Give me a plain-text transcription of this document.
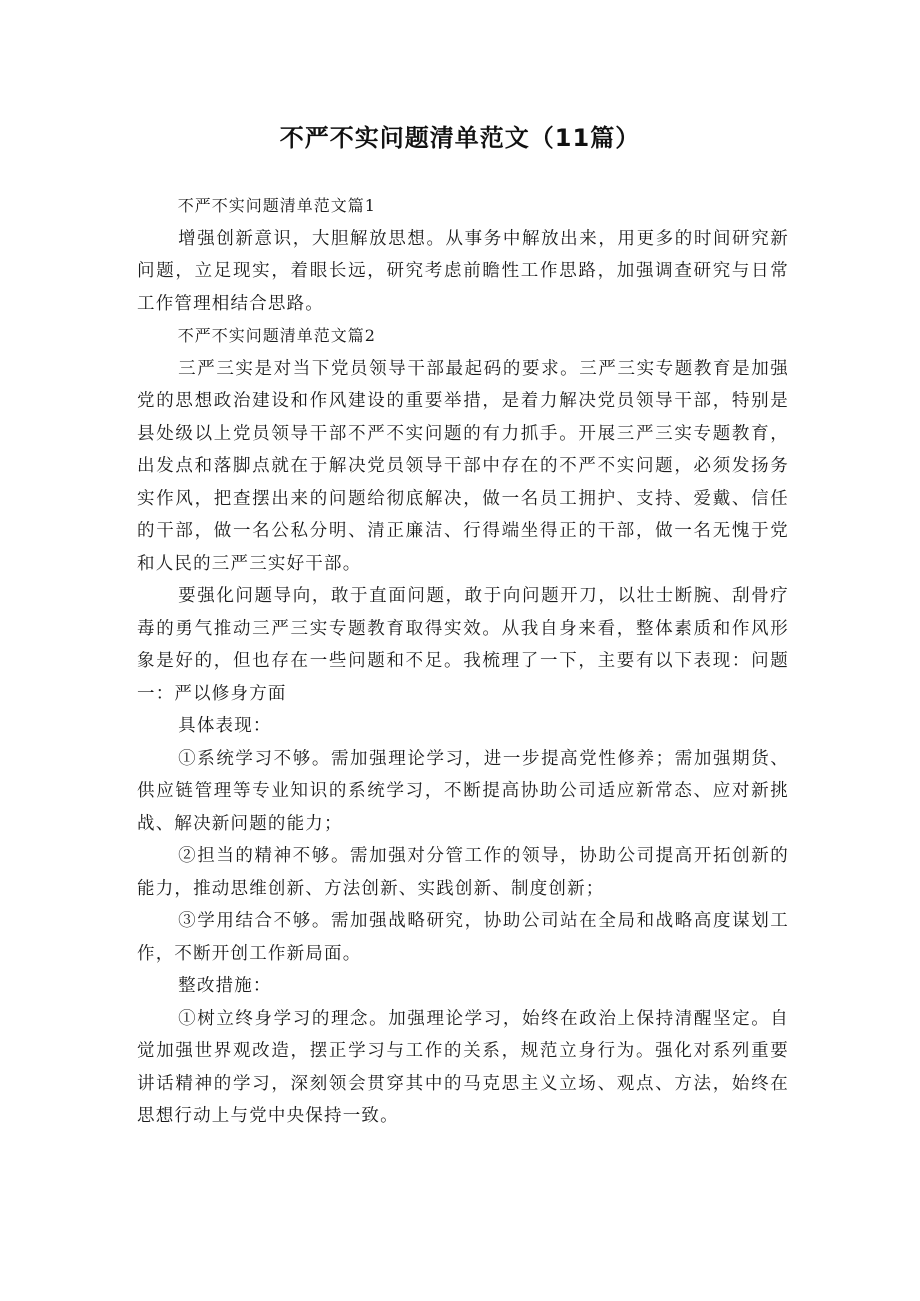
不严不实问题清单范文（11篇）

不严不实问题清单范文篇1

增强创新意识，大胆解放思想。从事务中解放出来，用更多的时间研究新问题，立足现实，着眼长远，研究考虑前瞻性工作思路，加强调查研究与日常工作管理相结合思路。

不严不实问题清单范文篇2

三严三实是对当下党员领导干部最起码的要求。三严三实专题教育是加强党的思想政治建设和作风建设的重要举措，是着力解决党员领导干部，特别是县处级以上党员领导干部不严不实问题的有力抓手。开展三严三实专题教育，出发点和落脚点就在于解决党员领导干部中存在的不严不实问题，必须发扬务实作风，把查摆出来的问题给彻底解决，做一名员工拥护、支持、爱戴、信任的干部，做一名公私分明、清正廉洁、行得端坐得正的干部，做一名无愧于党和人民的三严三实好干部。

要强化问题导向，敢于直面问题，敢于向问题开刀，以壮士断腕、刮骨疗毒的勇气推动三严三实专题教育取得实效。从我自身来看，整体素质和作风形象是好的，但也存在一些问题和不足。我梳理了一下，主要有以下表现：问题一：严以修身方面

具体表现：

①系统学习不够。需加强理论学习，进一步提高党性修养；需加强期货、供应链管理等专业知识的系统学习，不断提高协助公司适应新常态、应对新挑战、解决新问题的能力；

②担当的精神不够。需加强对分管工作的领导，协助公司提高开拓创新的能力，推动思维创新、方法创新、实践创新、制度创新；

③学用结合不够。需加强战略研究，协助公司站在全局和战略高度谋划工作，不断开创工作新局面。

整改措施：

①树立终身学习的理念。加强理论学习，始终在政治上保持清醒坚定。自觉加强世界观改造，摆正学习与工作的关系，规范立身行为。强化对系列重要讲话精神的学习，深刻领会贯穿其中的马克思主义立场、观点、方法，始终在思想行动上与党中央保持一致。
